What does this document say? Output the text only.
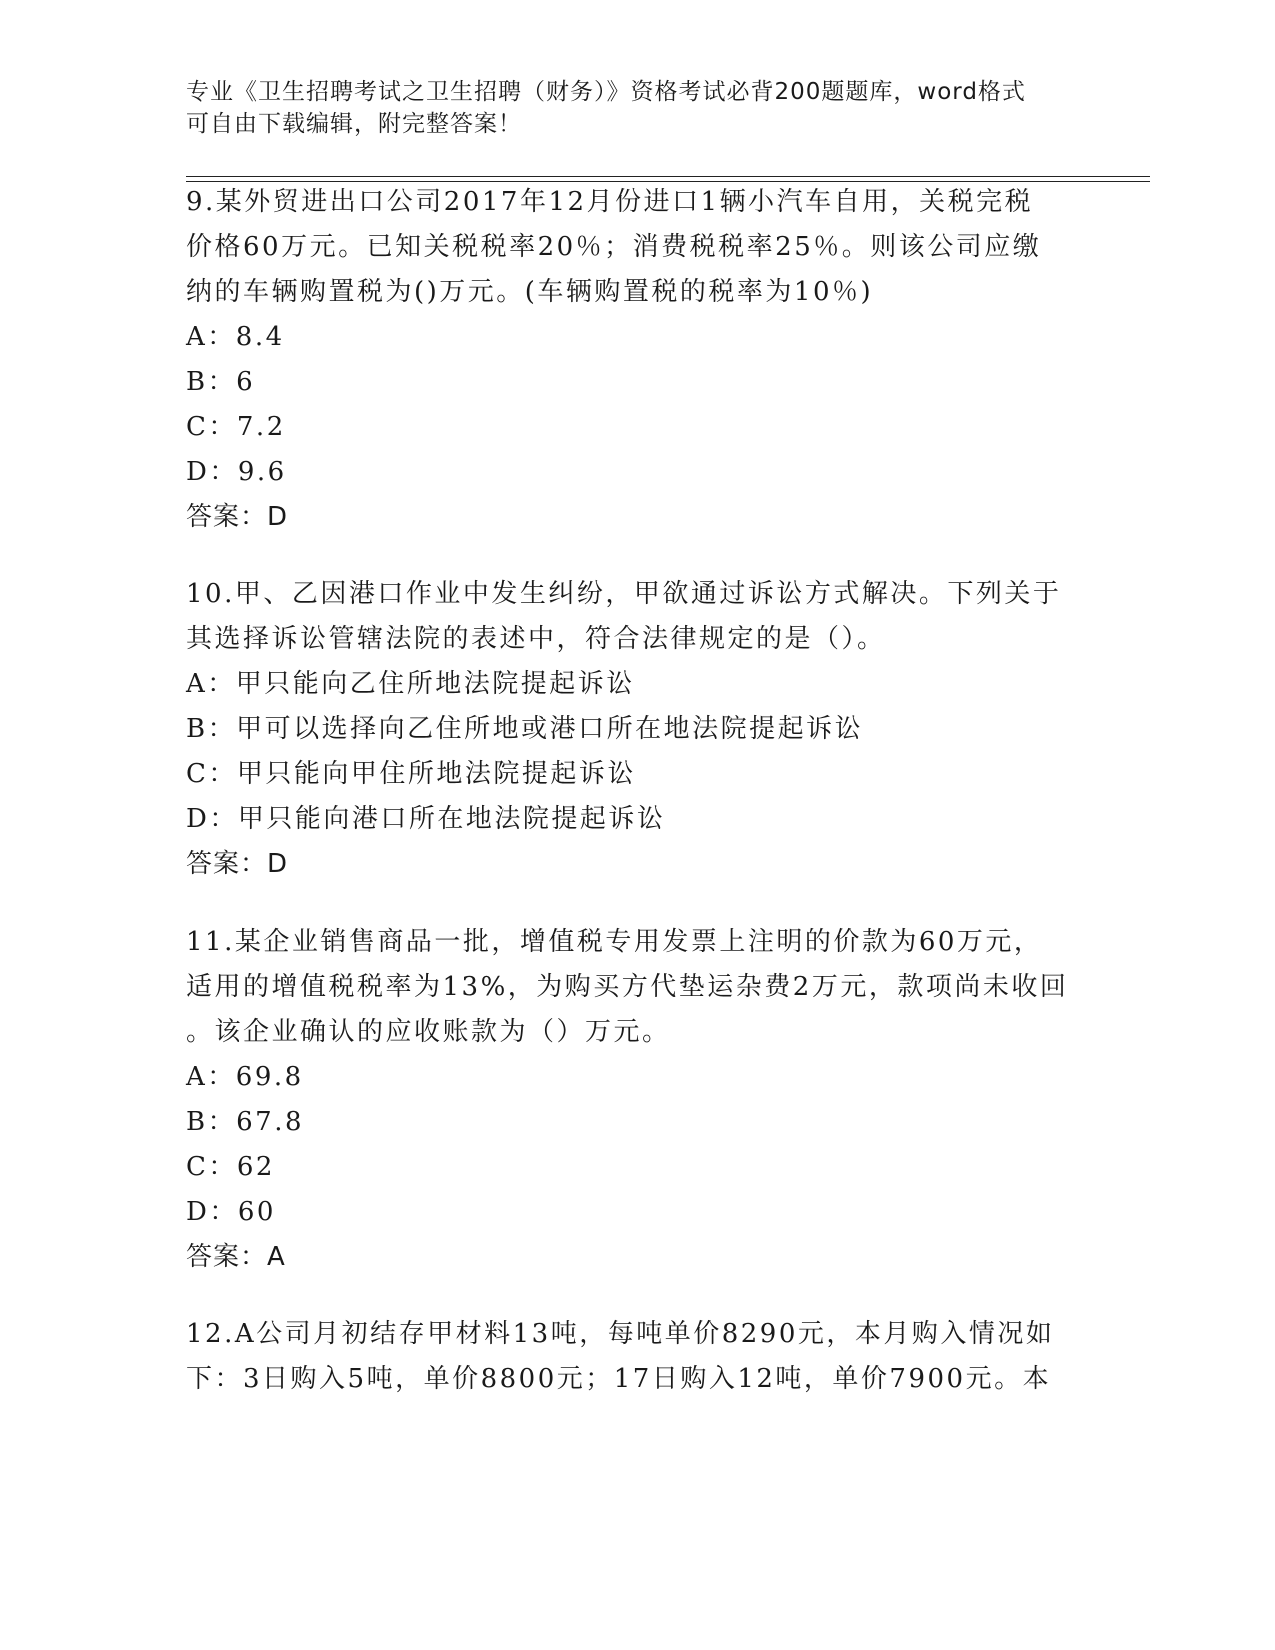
专业《卫生招聘考试之卫生招聘（财务）》资格考试必背200题题库，word格式
可自由下载编辑，附完整答案！
9.某外贸进出口公司2017年12月份进口1辆小汽车自用，关税完税
价格60万元。已知关税税率20％；消费税税率25％。则该公司应缴
纳的车辆购置税为()万元。(车辆购置税的税率为10％)
A：8.4
B：6
C：7.2
D：9.6
答案：D
10.甲、乙因港口作业中发生纠纷，甲欲通过诉讼方式解决。下列关于
其选择诉讼管辖法院的表述中，符合法律规定的是（）。
A：甲只能向乙住所地法院提起诉讼
B：甲可以选择向乙住所地或港口所在地法院提起诉讼
C：甲只能向甲住所地法院提起诉讼
D：甲只能向港口所在地法院提起诉讼
答案：D
11.某企业销售商品一批，增值税专用发票上注明的价款为60万元，
适用的增值税税率为13%，为购买方代垫运杂费2万元，款项尚未收回
。该企业确认的应收账款为（）万元。
A：69.8
B：67.8
C：62
D：60
答案：A
12.A公司月初结存甲材料13吨，每吨单价8290元，本月购入情况如
下：3日购入5吨，单价8800元；17日购入12吨，单价7900元。本
